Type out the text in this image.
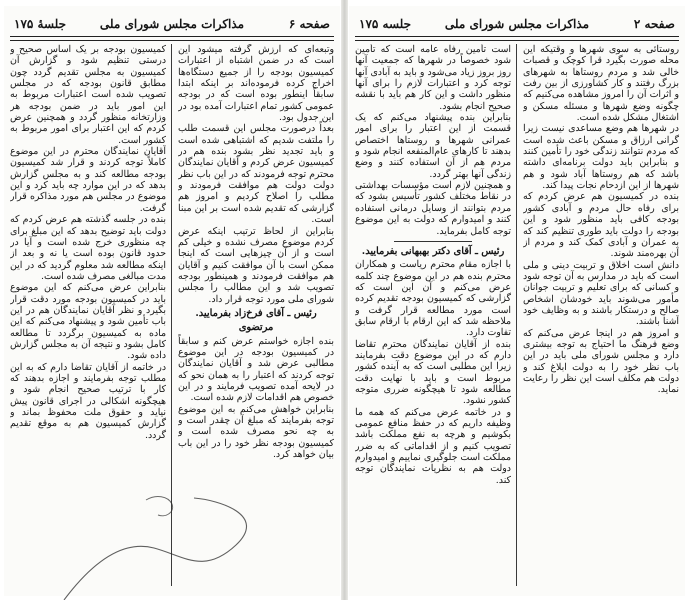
صفحه ۶
مذاکرات مجلس شورای ملی
جلسهٔ ۱۷۵

وتبعه‌ای که ارزش گرفته میشود این است که در ضمن اشتباه از اعتبارات کمیسیون بودجه را از جمیع دستگاه‌ها اخراج کرده فرموده‌اند بر اینکه ابتدا سابقاً اینطور بوده است که در بودجه عمومی کشور تمام اعتبارات آمده بود در این جدول بود.

بعداً درصورت مجلس این قسمت طلب را ملتفت شدیم که اشتباهی شده است و باید تجدید نظر بشود بنده هم در کمیسیون عرض کردم و آقایان نمایندگان محترم توجه فرمودند که در این باب نظر دولت دولت هم موافقت فرمودند و مطلب را اصلاح کردیم و امروز هم گزارشی که تقدیم شده است بر این مبنا است.

بنابراین از لحاظ ترتیب اینکه عرض کردم موضوع مصرف نشده و خیلی کم است و از آن چیزهایی است که اینجا ممکن است با آن موافقت کنیم و آقایان هم موافقت فرمودند و همینطور بودجه تصویب شد و این مطالب را مجلس شورای ملی مورد توجه قرار داد.

رئیس ـ آقای فرخ‌زاد بفرمایید.
مرتضوی

بنده اجازه خواستم عرض کنم و سابقاً در کمیسیون بودجه در این موضوع مطالبی عرض شد و آقایان نمایندگان توجه کردند که اعتبار را به همان نحو که در لایحه آمده تصویب فرمایند و در این خصوص هم اقدامات لازم شده است.

بنابراین خواهش می‌کنم به این موضوع توجه بفرمایند که مبلغ آن چقدر است و به چه نحو مصرف شده است و کمیسیون بودجه نظر خود را در این باب بیان خواهد کرد.

کمیسیون بودجه بر یک اساس صحیح و درستی تنظیم شود و گزارش آن کمیسیون به مجلس تقدیم گردد چون مطابق قانون بودجه که در مجلس تصویب شده است اعتبارات مربوط به این امور باید در ضمن بودجه هر وزارتخانه منظور گردد و همچنین عرض کردم که این اعتبار برای امور مربوط به کشور است.

آقایان نمایندگان محترم در این موضوع کاملاً توجه کردند و قرار شد کمیسیون بودجه مطالعه کند و به مجلس گزارش بدهد که در این موارد چه باید کرد و این موضوع در مجلس هم مورد مذاکره قرار گرفت.

بنده در جلسه گذشته هم عرض کردم که دولت باید توضیح بدهد که این مبلغ برای چه منظوری خرج شده است و آیا در حدود قانون بوده است یا نه و بعد از اینکه مطالعه شد معلوم گردید که در این مدت مبالغی مصرف شده است.

بنابراین عرض می‌کنم که این موضوع باید در کمیسیون بودجه مورد دقت قرار بگیرد و نظر آقایان نمایندگان هم در این باب تأمین شود و پیشنهاد می‌کنم که این ماده به کمیسیون برگردد تا مطالعه کامل بشود و نتیجه آن به مجلس گزارش داده شود.

در خاتمه از آقایان تقاضا دارم که به این مطلب توجه بفرمایند و اجازه بدهند که کار با ترتیب صحیح انجام شود و هیچگونه اشکالی در اجرای قانون پیش نیاید و حقوق ملت محفوظ بماند و گزارش کمیسیون هم به موقع تقدیم گردد.

صفحه ۲
مذاکرات مجلس شورای ملی
جلسه ۱۷۵

روستائی به سوی شهرها و وقتیکه این محله صورت بگیرد قرا کوچک و قصبات خالی شد و مردم روستاها به شهرهای بزرگ رفتند و کار کشاورزی از بین رفت و اثرات آن را امروز مشاهده می‌کنیم که چگونه وضع شهرها و مسئله مسکن و اشتغال مشکل شده است.

در شهرها هم وضع مساعدی نیست زیرا گرانی ارزاق و مسکن باعث شده است که مردم نتوانند زندگی خود را تأمین کنند و بنابراین باید دولت برنامه‌ای داشته باشد که هم روستاها آباد شود و هم شهرها از این ازدحام نجات پیدا کند.

بنده در کمیسیون هم عرض کردم که برای رفاه حال مردم و آبادی کشور بودجه کافی باید منظور شود و این بودجه را دولت باید طوری تنظیم کند که به عمران و آبادی کمک کند و مردم از آن بهره‌مند شوند.

دانش است اخلاق و تربیت دینی و ملی است که باید در مدارس به آن توجه شود و کسانی که برای تعلیم و تربیت جوانان مأمور می‌شوند باید خودشان اشخاص صالح و درستکار باشند و به وظایف خود آشنا باشند.

و امروز هم در اینجا عرض می‌کنم که وضع فرهنگ ما احتیاج به توجه بیشتری دارد و مجلس شورای ملی باید در این باب نظر خود را به دولت ابلاغ کند و دولت هم مکلف است این نظر را رعایت نماید.

است تأمین رفاه عامه است که تأمین شود خصوصاً در شهرها که جمعیت آنها روز بروز زیاد می‌شود و باید به آبادی آنها توجه کرد و اعتبارات لازم را برای آنها منظور داشت و این کار هم باید با نقشه صحیح انجام بشود.

بنابراین بنده پیشنهاد می‌کنم که یک قسمت از این اعتبار را برای امور عمرانی شهرها و روستاها اختصاص بدهند تا کارهای عام‌المنفعه انجام شود و مردم هم از آن استفاده کنند و وضع زندگی آنها بهتر گردد.

و همچنین لازم است مؤسسات بهداشتی در نقاط مختلف کشور تأسیس بشود که مردم بتوانند از وسایل درمانی استفاده کنند و امیدوارم که دولت به این موضوع توجه کامل بفرماید.

رئیس ـ آقای دکتر بهبهانی بفرمایید.

با اجازه مقام محترم ریاست و همکاران محترم بنده هم در این موضوع چند کلمه عرض می‌کنم و آن این است که گزارشی که کمیسیون بودجه تقدیم کرده است مورد مطالعه قرار گرفت و ملاحظه شد که این ارقام با ارقام سابق تفاوت دارد.

بنده از آقایان نمایندگان محترم تقاضا دارم که در این موضوع دقت بفرمایند زیرا این مطلبی است که به آینده کشور مربوط است و باید با نهایت دقت مطالعه شود تا هیچگونه ضرری متوجه کشور نشود.

و در خاتمه عرض می‌کنم که همه ما وظیفه داریم که در حفظ منافع عمومی بکوشیم و هرچه به نفع مملکت باشد تصویب کنیم و از اقداماتی که به ضرر مملکت است جلوگیری نماییم و امیدوارم دولت هم به نظریات نمایندگان توجه کند.
